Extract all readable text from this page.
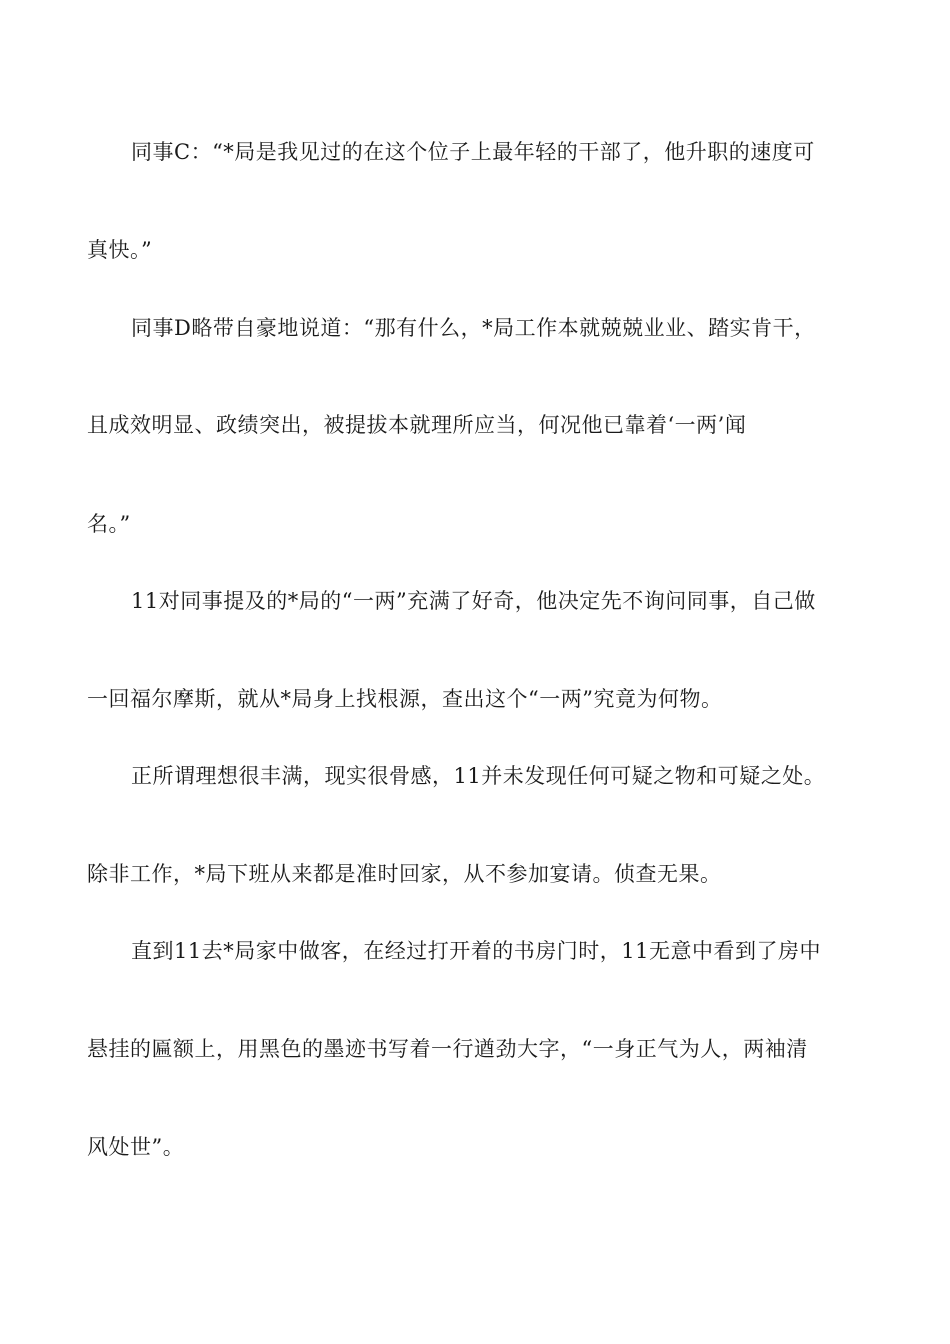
同事C：“*局是我见过的在这个位子上最年轻的干部了，他升职的速度可
真快。”
同事D略带自豪地说道：“那有什么，*局工作本就兢兢业业、踏实肯干，
且成效明显、政绩突出，被提拔本就理所应当，何况他已靠着‘一两’闻
名。”
11对同事提及的*局的“一两”充满了好奇，他决定先不询问同事，自己做
一回福尔摩斯，就从*局身上找根源，查出这个“一两”究竟为何物。
正所谓理想很丰满，现实很骨感，11并未发现任何可疑之物和可疑之处。
除非工作，*局下班从来都是准时回家，从不参加宴请。侦查无果。
直到11去*局家中做客，在经过打开着的书房门时，11无意中看到了房中
悬挂的匾额上，用黑色的墨迹书写着一行遒劲大字，“一身正气为人，两袖清
风处世”。
